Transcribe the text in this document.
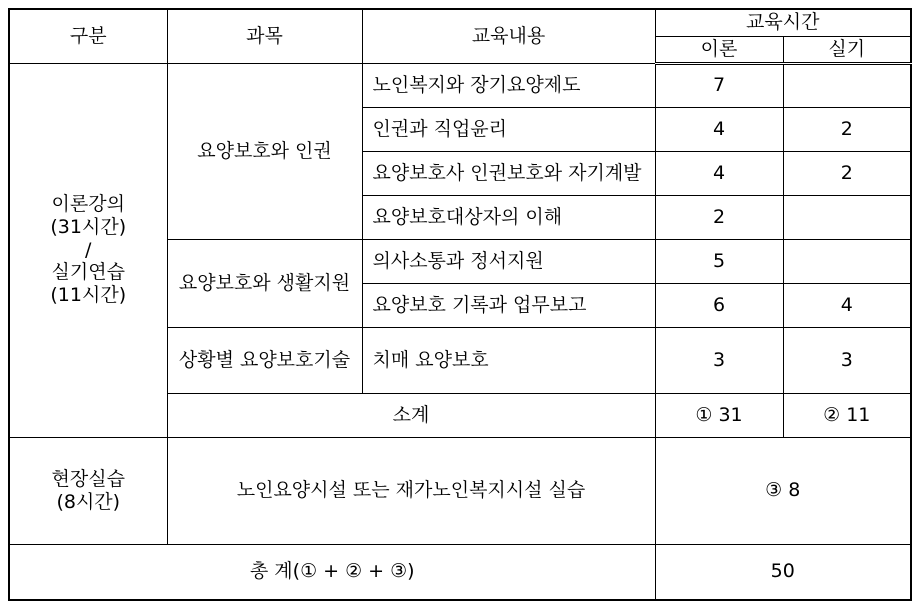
구분	과목	교육내용	교육시간	
			이론	실기

이론강의
(31시간)
/
실기연습
(11시간)	요양보호와 인권	노인복지와 장기요양제도	7	
		인권과 직업윤리	4	2
		요양보호사 인권보호와 자기계발	4	2
		요양보호대상자의 이해	2	
	요양보호와 생활지원	의사소통과 정서지원	5	
		요양보호 기록과 업무보고	6	4
	상황별 요양보호기술	치매 요양보호	3	3
	소계		① 31	② 11

현장실습
(8시간)	노인요양시설 또는 재가노인복지시설 실습		③ 8	
총 계(① + ② + ③)			50	
